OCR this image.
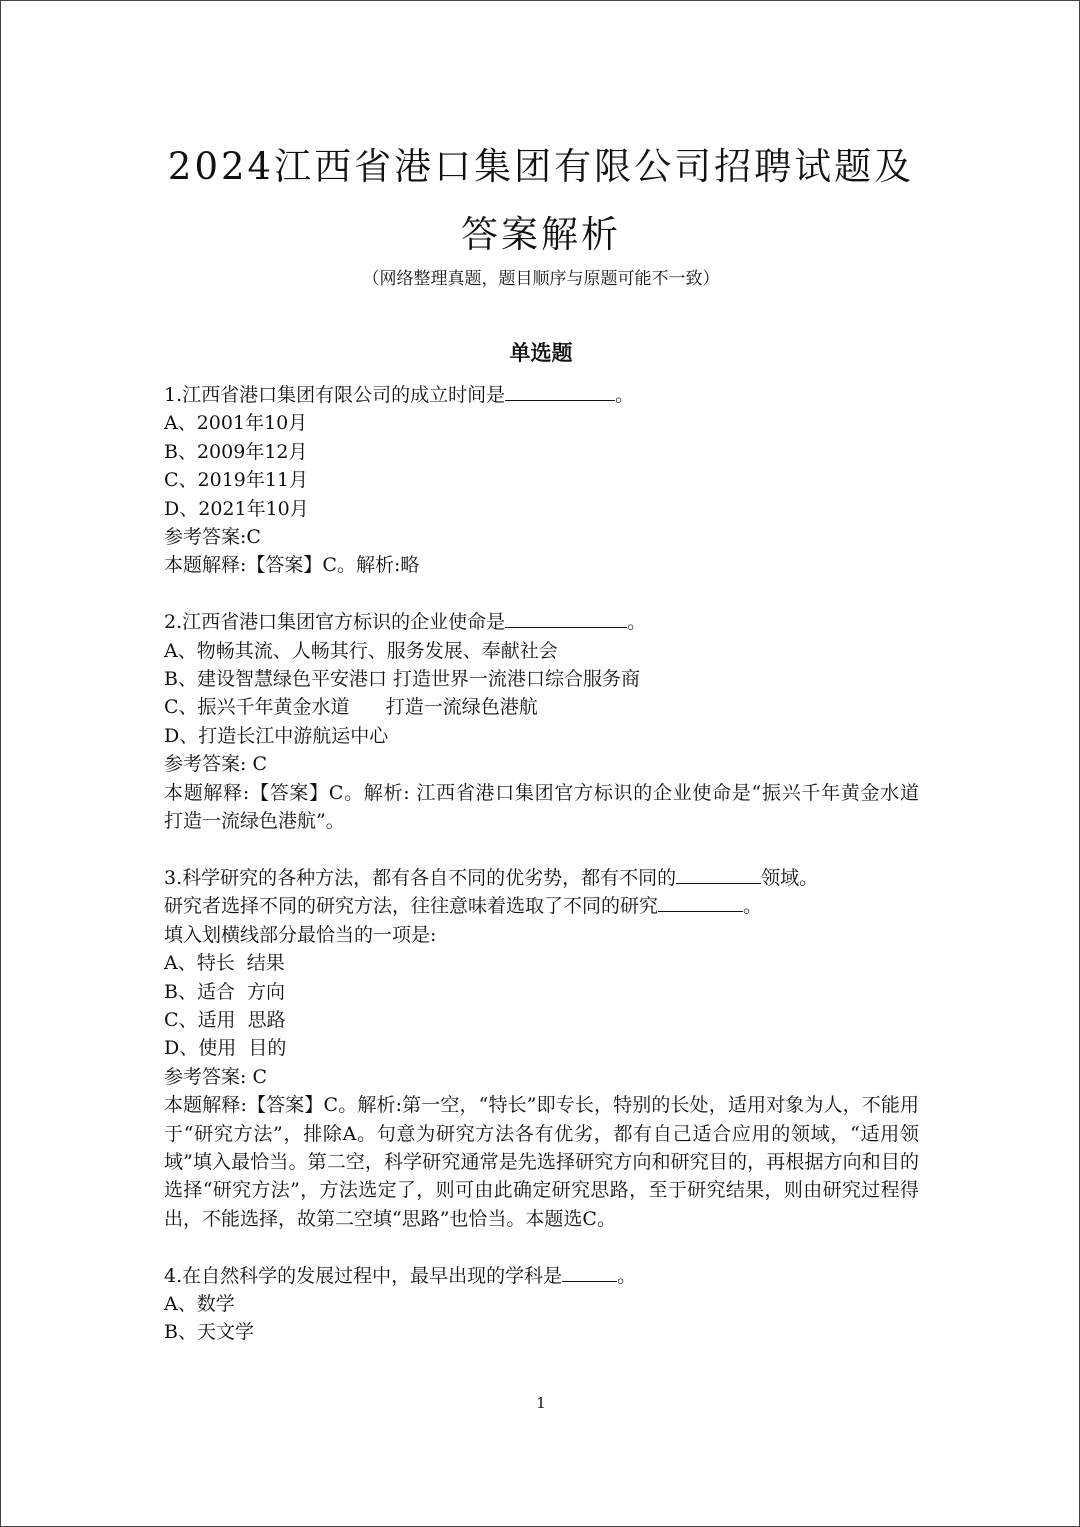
2024江西省港口集团有限公司招聘试题及
答案解析
（网络整理真题，题目顺序与原题可能不一致）
单选题
1.江西省港口集团有限公司的成立时间是	。
A、2001年10月
B、2009年12月
C、2019年11月
D、2021年10月
参考答案:C
本题解释:【答案】C。解析:略
2.江西省港口集团官方标识的企业使命是	。
A、物畅其流、人畅其行、服务发展、奉献社会
B、建设智慧绿色平安港口 打造世界一流港口综合服务商
C、振兴千年黄金水道      打造一流绿色港航
D、打造长江中游航运中心
参考答案: C
本题解释:【答案】C。解析: 江西省港口集团官方标识的企业使命是“振兴千年黄金水道      打造一流绿色港航”。
3.科学研究的各种方法，都有各自不同的优劣势，都有不同的	领域。
研究者选择不同的研究方法，往往意味着选取了不同的研究	。
填入划横线部分最恰当的一项是:
A、特长  结果
B、适合  方向
C、适用  思路
D、使用  目的
参考答案: C
本题解释:【答案】C。解析:第一空，“特长”即专长，特别的长处，适用对象为人，不能用于“研究方法”，排除A。句意为研究方法各有优劣，都有自己适合应用的领域，“适用领域”填入最恰当。第二空，科学研究通常是先选择研究方向和研究目的，再根据方向和目的选择“研究方法”，方法选定了，则可由此确定研究思路，至于研究结果，则由研究过程得出，不能选择，故第二空填“思路”也恰当。本题选C。
4.在自然科学的发展过程中，最早出现的学科是	。
A、数学
B、天文学
1
